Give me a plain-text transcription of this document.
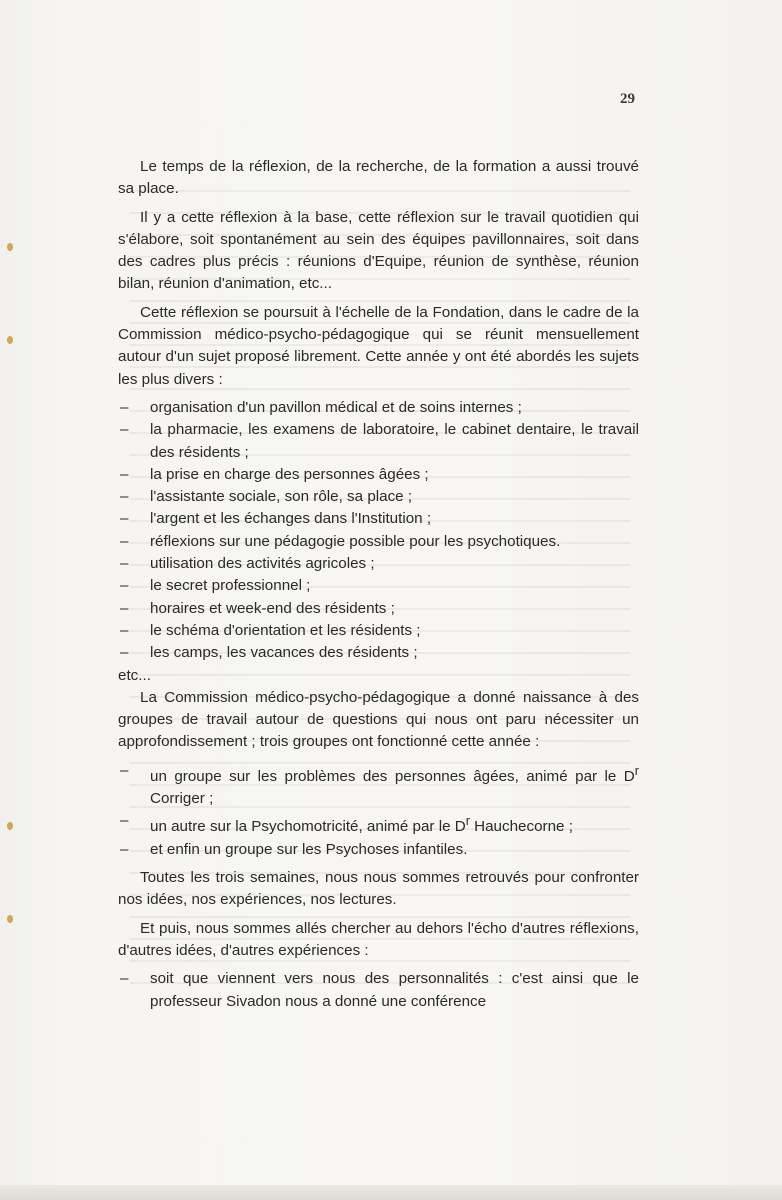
29

Le temps de la réflexion, de la recherche, de la formation a aussi trouvé sa place.

Il y a cette réflexion à la base, cette réflexion sur le travail quotidien qui s'élabore, soit spontanément au sein des équipes pavillonnaires, soit dans des cadres plus précis : réunions d'Equipe, réunion de synthèse, réunion bilan, réunion d'animation, etc...

Cette réflexion se poursuit à l'échelle de la Fondation, dans le cadre de la Commission médico-psycho-pédagogique qui se réunit mensuellement autour d'un sujet proposé librement. Cette année y ont été abordés les sujets les plus divers :

– organisation d'un pavillon médical et de soins internes ;
– la pharmacie, les examens de laboratoire, le cabinet dentaire, le travail des résidents ;
– la prise en charge des personnes âgées ;
– l'assistante sociale, son rôle, sa place ;
– l'argent et les échanges dans l'Institution ;
– réflexions sur une pédagogie possible pour les psychotiques.
– utilisation des activités agricoles ;
– le secret professionnel ;
– horaires et week-end des résidents ;
– le schéma d'orientation et les résidents ;
– les camps, les vacances des résidents ;

etc...

La Commission médico-psycho-pédagogique a donné naissance à des groupes de travail autour de questions qui nous ont paru nécessiter un approfondissement ; trois groupes ont fonctionné cette année :

– un groupe sur les problèmes des personnes âgées, animé par le $D^r$ Corriger ;
– un autre sur la Psychomotricité, animé par le $D^r$ Hauchecorne ;
– et enfin un groupe sur les Psychoses infantiles.

Toutes les trois semaines, nous nous sommes retrouvés pour confronter nos idées, nos expériences, nos lectures.

Et puis, nous sommes allés chercher au dehors l'écho d'autres réflexions, d'autres idées, d'autres expériences :

– soit que viennent vers nous des personnalités : c'est ainsi que le professeur Sivadon nous a donné une conférence
